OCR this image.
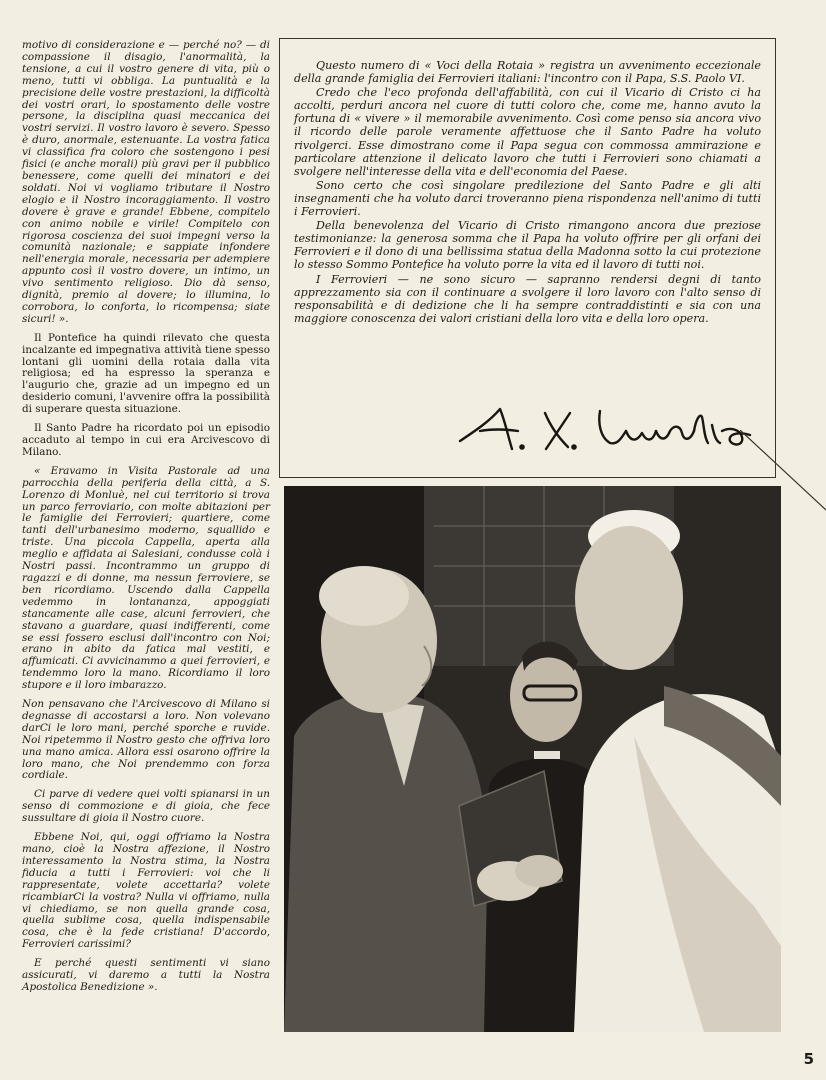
motivo di considerazione e — perché no? — di compassione il disagio, l'anormalità, la tensione, a cui il vostro genere di vita, più o meno, tutti vi obbliga. La puntualità e la precisione delle vostre prestazioni, la difficoltà dei vostri orari, lo spostamento delle vostre persone, la disciplina quasi meccanica dei vostri servizi. Il vostro lavoro è severo. Spesso è duro, anormale, estenuante. La vostra fatica vi classifica fra coloro che sostengono i pesi fisici (e anche morali) più gravi per il pubblico benessere, come quelli dei minatori e dei soldati. Noi vi vogliamo tributare il Nostro elogio e il Nostro incoraggiamento. Il vostro dovere è grave e grande! Ebbene, compitelo con animo nobile e virile! Compitelo con rigorosa coscienza dei suoi impegni verso la comunità nazionale; e sappiate infondere nell'energia morale, necessaria per adempiere appunto così il vostro dovere, un intimo, un vivo sentimento religioso. Dio dà senso, dignità, premio al dovere; lo illumina, lo corrobora, lo conforta, lo ricompensa; siate sicuri! ».

Il Pontefice ha quindi rilevato che questa incalzante ed impegnativa attività tiene spesso lontani gli uomini della rotaia dalla vita religiosa; ed ha espresso la speranza e l'augurio che, grazie ad un impegno ed un desiderio comuni, l'avvenire offra la possibilità di superare questa situazione.

Il Santo Padre ha ricordato poi un episodio accaduto al tempo in cui era Arcivescovo di Milano.

« Eravamo in Visita Pastorale ad una parrocchia della periferia della città, a S. Lorenzo di Monluè, nel cui territorio si trova un parco ferroviario, con molte abitazioni per le famiglie dei Ferrovieri; quartiere, come tanti dell'urbanesimo moderno, squallido e triste. Una piccola Cappella, aperta alla meglio e affidata ai Salesiani, condusse colà i Nostri passi. Incontrammo un gruppo di ragazzi e di donne, ma nessun ferroviere, se ben ricordiamo. Uscendo dalla Cappella vedemmo in lontananza, appoggiati stancamente alle case, alcuni ferrovieri, che stavano a guardare, quasi indifferenti, come se essi fossero esclusi dall'incontro con Noi; erano in abito da fatica mal vestiti, e affumicati. Ci avvicinammo a quei ferrovieri, e tendemmo loro la mano. Ricordiamo il loro stupore e il loro imbarazzo.

Non pensavano che l'Arcivescovo di Milano si degnasse di accostarsi a loro. Non volevano darCi le loro mani, perché sporche e ruvide. Noi ripetemmo il Nostro gesto che offriva loro una mano amica. Allora essi osarono offrire la loro mano, che Noi prendemmo con forza cordiale.

Ci parve di vedere quei volti spianarsi in un senso di commozione e di gioia, che fece sussultare di gioia il Nostro cuore.

Ebbene Noi, qui, oggi offriamo la Nostra mano, cioè la Nostra affezione, il Nostro interessamento la Nostra stima, la Nostra fiducia a tutti i Ferrovieri: voi che li rappresentate, volete accettarla? volete ricambiarCi la vostra? Nulla vi offriamo, nulla vi chiediamo, se non quella grande cosa, quella sublime cosa, quella indispensabile cosa, che è la fede cristiana! D'accordo, Ferrovieri carissimi?

E perché questi sentimenti vi siano assicurati, vi daremo a tutti la Nostra Apostolica Benedizione ».

Questo numero di « Voci della Rotaia » registra un avvenimento eccezionale della grande famiglia dei Ferrovieri italiani: l'incontro con il Papa, S.S. Paolo VI.

Credo che l'eco profonda dell'affabilità, con cui il Vicario di Cristo ci ha accolti, perduri ancora nel cuore di tutti coloro che, come me, hanno avuto la fortuna di « vivere » il memorabile avvenimento. Così come penso sia ancora vivo il ricordo delle parole veramente affettuose che il Santo Padre ha voluto rivolgerci. Esse dimostrano come il Papa segua con commossa ammirazione e particolare attenzione il delicato lavoro che tutti i Ferrovieri sono chiamati a svolgere nell'interesse della vita e dell'economia del Paese.

Sono certo che così singolare predilezione del Santo Padre e gli alti insegnamenti che ha voluto darci troveranno piena rispondenza nell'animo di tutti i Ferrovieri.

Della benevolenza del Vicario di Cristo rimangono ancora due preziose testimonianze: la generosa somma che il Papa ha voluto offrire per gli orfani dei Ferrovieri e il dono di una bellissima statua della Madonna sotto la cui protezione lo stesso Sommo Pontefice ha voluto porre la vita ed il lavoro di tutti noi.

I Ferrovieri — ne sono sicuro — sapranno rendersi degni di tanto apprezzamento sia con il continuare a svolgere il loro lavoro con l'alto senso di responsabilità e di dedizione che li ha sempre contraddistinti e sia con una maggiore conoscenza dei valori cristiani della loro vita e della loro opera.

5
